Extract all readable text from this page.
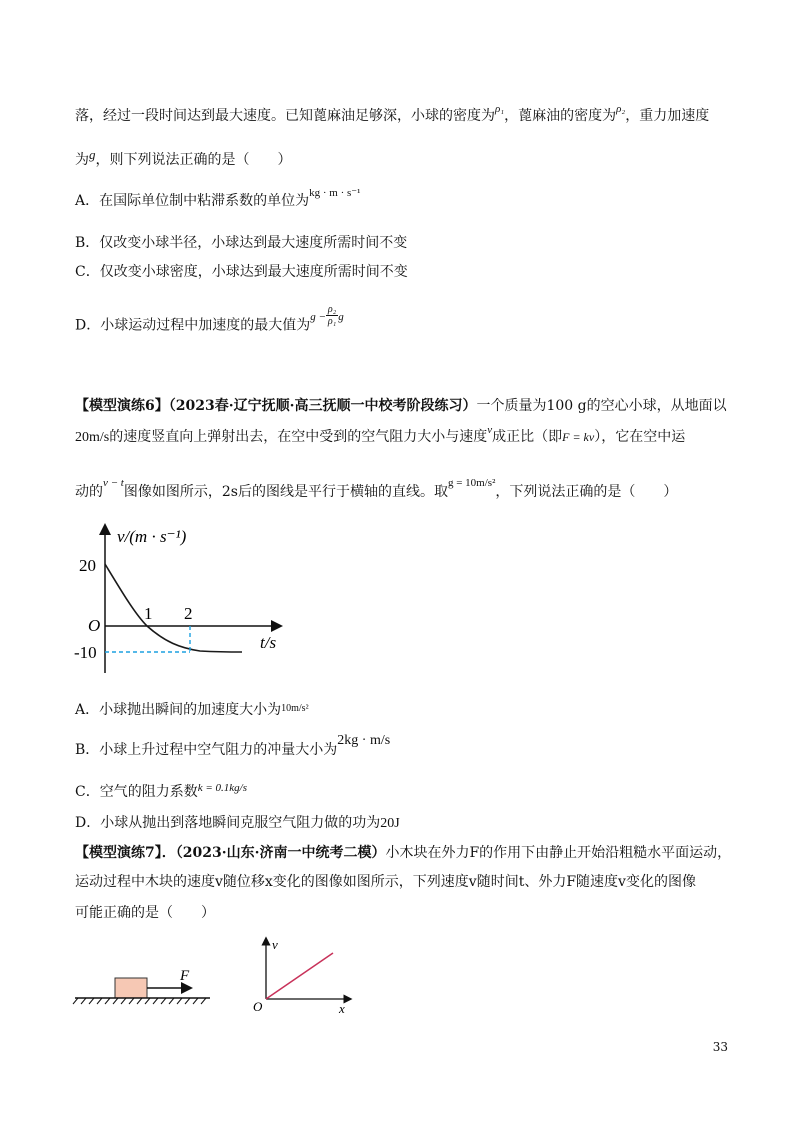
落，经过一段时间达到最大速度。已知蓖麻油足够深，小球的密度为$^{\rho_1}$，蓖麻油的密度为$^{\rho_2}$，重力加速度
为g，则下列说法正确的是（　　）
A．在国际单位制中粘滞系数的单位为$^{kg \cdot m \cdot s^{-1}}$
B．仅改变小球半径，小球达到最大速度所需时间不变
C．仅改变小球密度，小球达到最大速度所需时间不变
D．小球运动过程中加速度的最大值为$^{g -} \frac{\text{ρ₂}}{\text{ρ₁}} ^g$
【模型演练6】（2023春·辽宁抚顺·高三抚顺一中校考阶段练习）一个质量为100 g的空心小球，从地面以
20m/s的速度竖直向上弹射出去，在空中受到的空气阻力大小与速度$^v$成正比（即F = kv），它在空中运
动的$^{v - t}$图像如图所示，2s后的图线是平行于横轴的直线。取$^{g = 10m/s^2}$，下列说法正确的是（　　）
v/(m · s⁻¹)
20
1 2
O
-10
t/s
A．小球抛出瞬间的加速度大小为$^{10m/s^2}$
B．小球上升过程中空气阻力的冲量大小为2kg · m/s
C．空气的阻力系数$^{k = 0.1kg/s}$
D．小球从抛出到落地瞬间克服空气阻力做的功为20J
【模型演练7】．（2023·山东·济南一中统考二模）小木块在外力F的作用下由静止开始沿粗糙水平面运动，
运动过程中木块的速度v随位移x变化的图像如图所示，下列速度v随时间t、外力F随速度v变化的图像
可能正确的是（　　）
F
v
O	x
33
